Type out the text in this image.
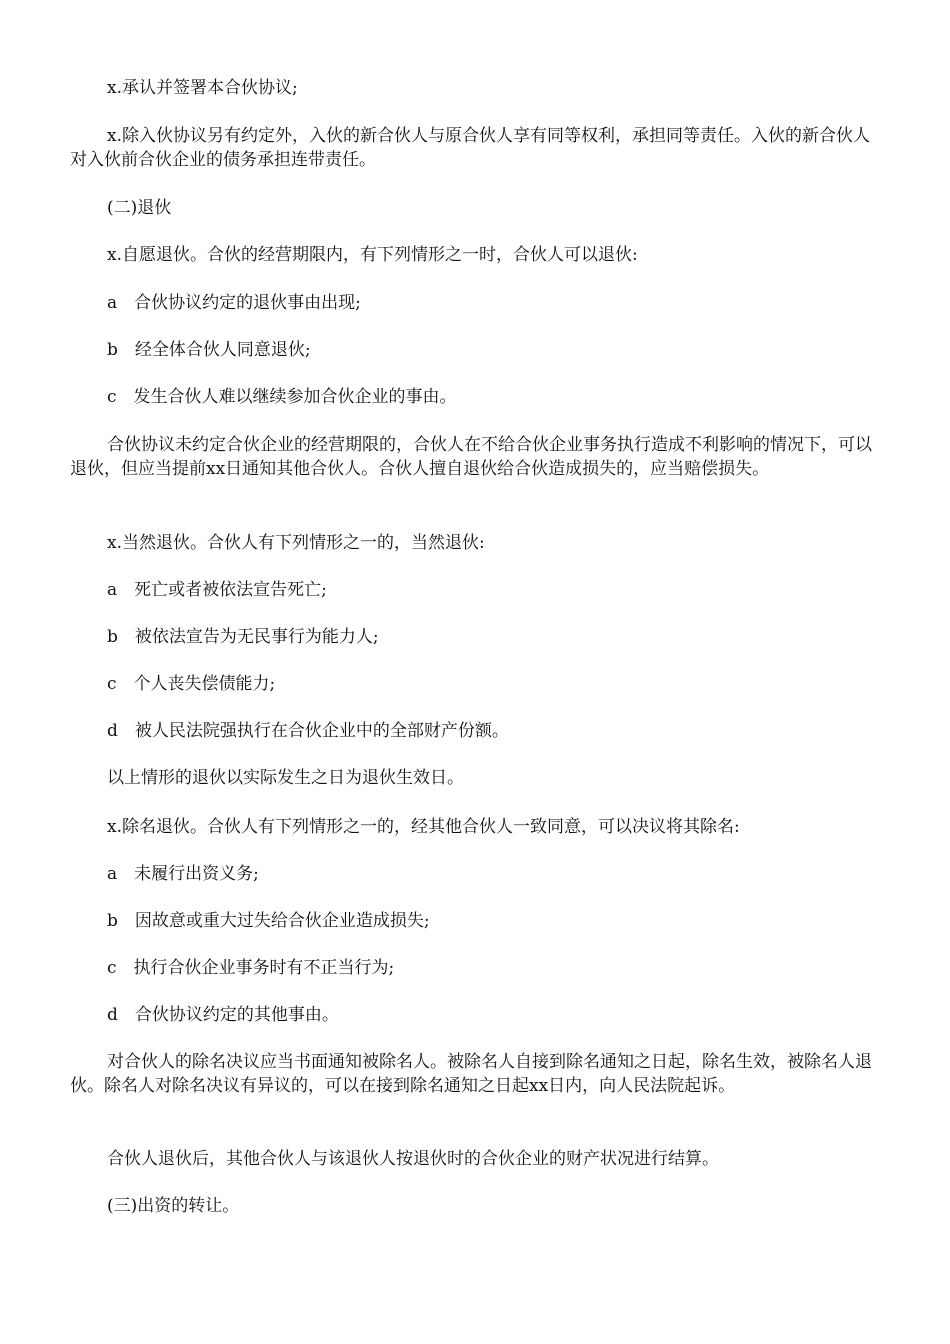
x.承认并签署本合伙协议;

x.除入伙协议另有约定外，入伙的新合伙人与原合伙人享有同等权利，承担同等责任。入伙的新合伙人对入伙前合伙企业的债务承担连带责任。

(二)退伙

x.自愿退伙。合伙的经营期限内，有下列情形之一时，合伙人可以退伙:

a　合伙协议约定的退伙事由出现;

b　经全体合伙人同意退伙;

c　发生合伙人难以继续参加合伙企业的事由。

合伙协议未约定合伙企业的经营期限的，合伙人在不给合伙企业事务执行造成不利影响的情况下，可以退伙，但应当提前xx日通知其他合伙人。合伙人擅自退伙给合伙造成损失的，应当赔偿损失。

x.当然退伙。合伙人有下列情形之一的，当然退伙:

a　死亡或者被依法宣告死亡;

b　被依法宣告为无民事行为能力人;

c　个人丧失偿债能力;

d　被人民法院强执行在合伙企业中的全部财产份额。

以上情形的退伙以实际发生之日为退伙生效日。

x.除名退伙。合伙人有下列情形之一的，经其他合伙人一致同意，可以决议将其除名:

a　未履行出资义务;

b　因故意或重大过失给合伙企业造成损失;

c　执行合伙企业事务时有不正当行为;

d　合伙协议约定的其他事由。

对合伙人的除名决议应当书面通知被除名人。被除名人自接到除名通知之日起，除名生效，被除名人退伙。除名人对除名决议有异议的，可以在接到除名通知之日起xx日内，向人民法院起诉。

合伙人退伙后，其他合伙人与该退伙人按退伙时的合伙企业的财产状况进行结算。

(三)出资的转让。
